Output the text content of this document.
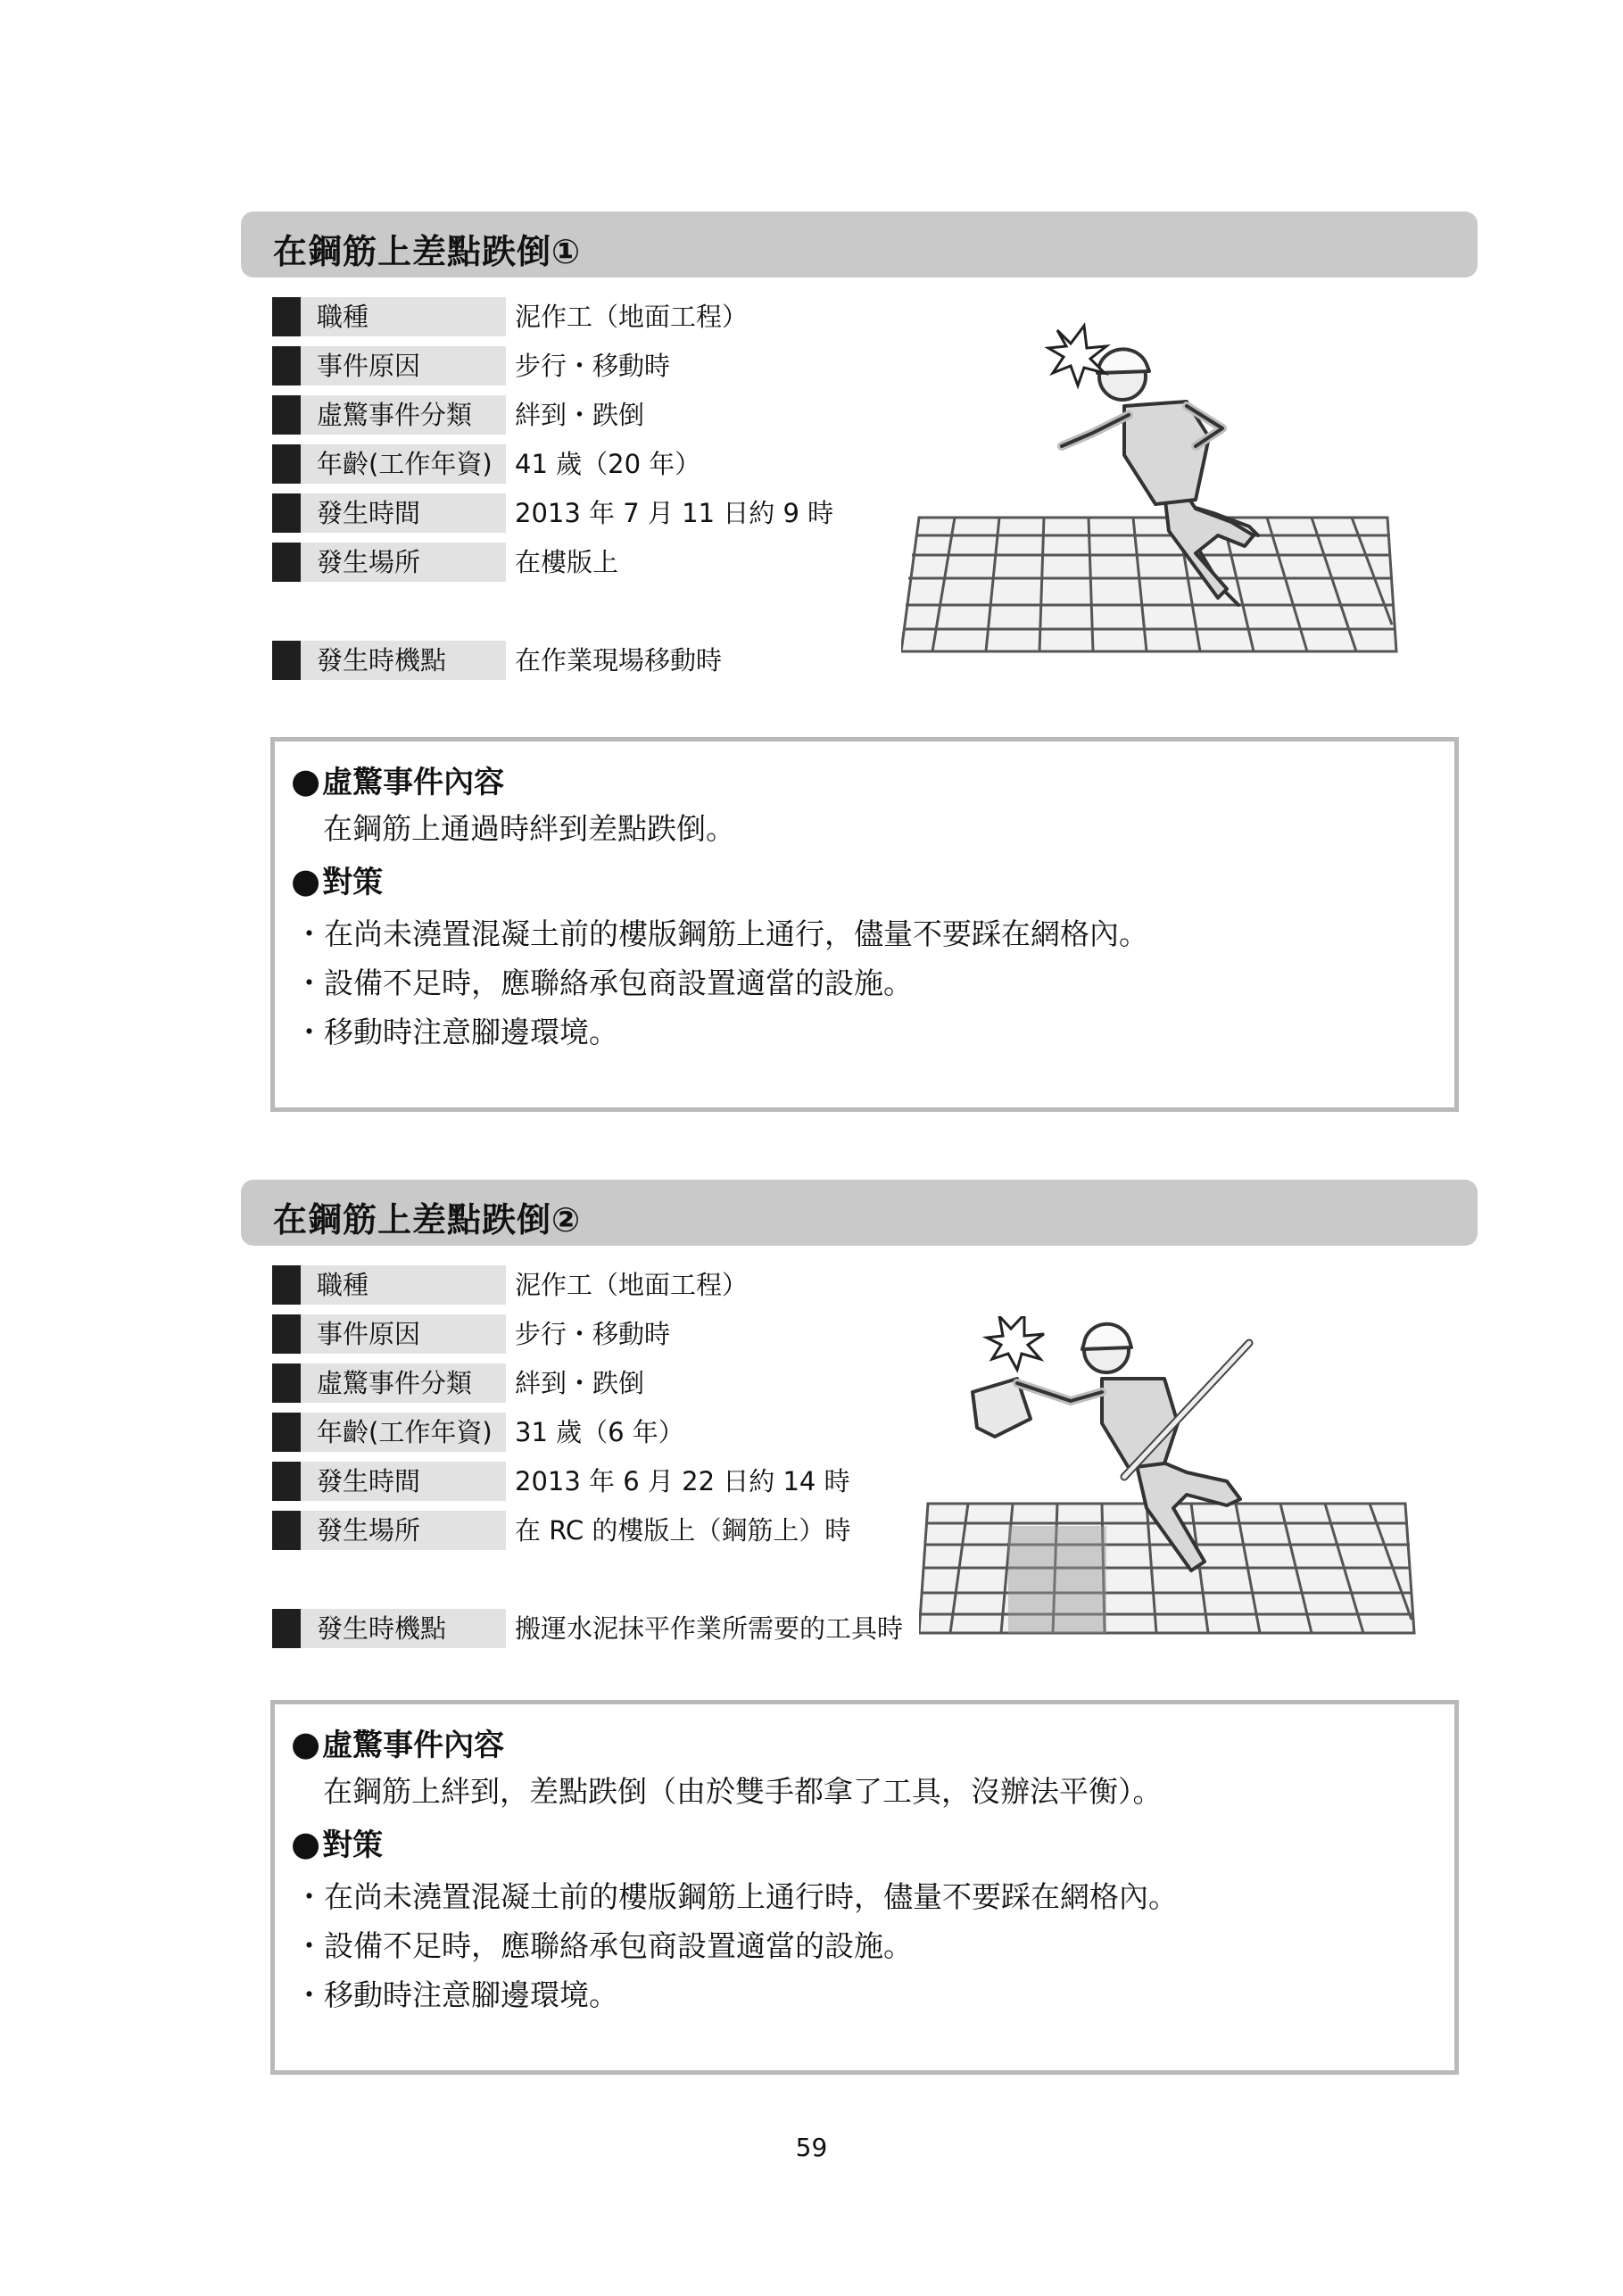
在鋼筋上差點跌倒①
職種	泥作工（地面工程）
事件原因	步行・移動時
虛驚事件分類	絆到・跌倒
年齡(工作年資) 41 歲（20 年）
發生時間	2013 年 7 月 11 日約 9 時
發生場所	在樓版上
發生時機點	在作業現場移動時
●虛驚事件內容
在鋼筋上通過時絆到差點跌倒。
●對策
・在尚未澆置混凝土前的樓版鋼筋上通行，儘量不要踩在網格內。
・設備不足時，應聯絡承包商設置適當的設施。
・移動時注意腳邊環境。
在鋼筋上差點跌倒②
職種	泥作工（地面工程）
事件原因	步行・移動時
虛驚事件分類	絆到・跌倒
年齡(工作年資) 31 歲（6 年）
發生時間	2013 年 6 月 22 日約 14 時
發生場所	在 RC 的樓版上（鋼筋上）時
發生時機點	搬運水泥抹平作業所需要的工具時
●虛驚事件內容
在鋼筋上絆到，差點跌倒（由於雙手都拿了工具，沒辦法平衡）。
●對策
・在尚未澆置混凝土前的樓版鋼筋上通行時，儘量不要踩在網格內。
・設備不足時，應聯絡承包商設置適當的設施。
・移動時注意腳邊環境。
59
